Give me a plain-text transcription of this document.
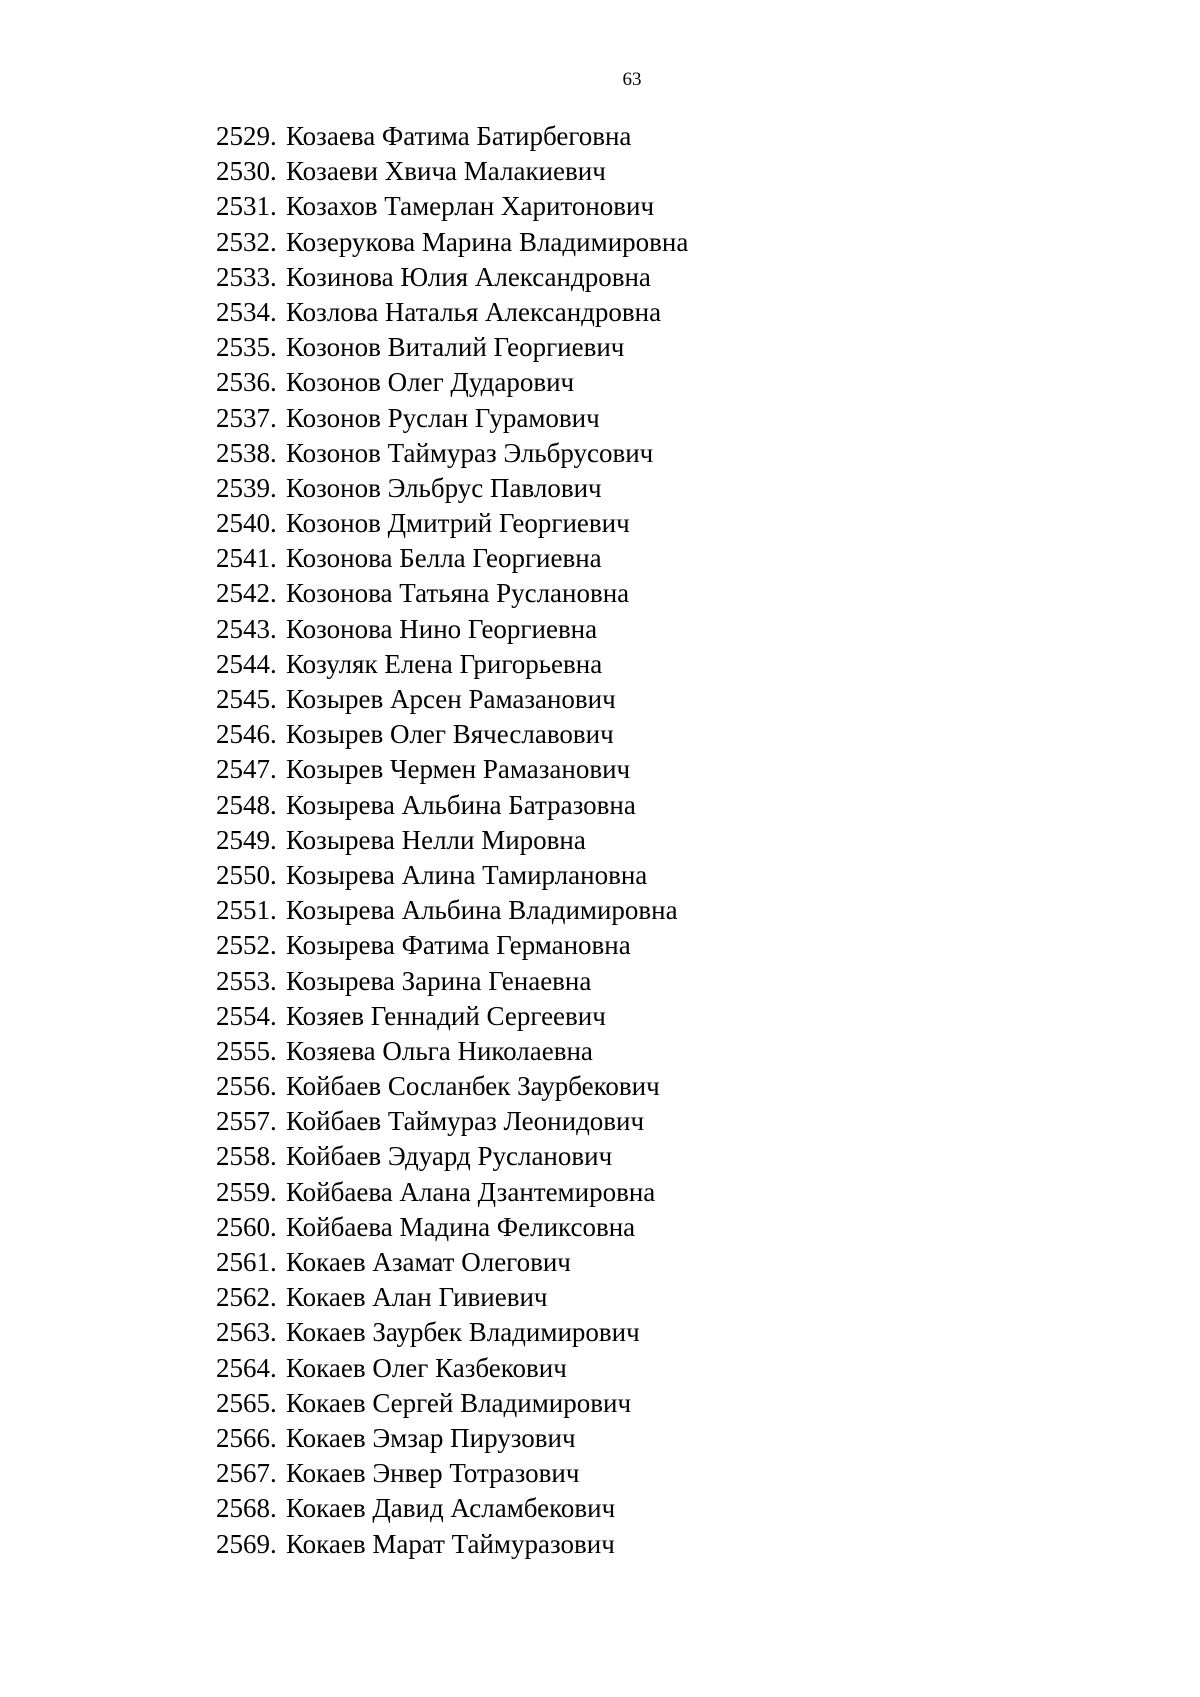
63
2529. Козаева Фатима Батирбеговна
2530. Козаеви Хвича Малакиевич
2531. Козахов Тамерлан Харитонович
2532. Козерукова Марина Владимировна
2533. Козинова Юлия Александровна
2534. Козлова Наталья Александровна
2535. Козонов Виталий Георгиевич
2536. Козонов Олег Дударович
2537. Козонов Руслан Гурамович
2538. Козонов Таймураз Эльбрусович
2539. Козонов Эльбрус Павлович
2540. Козонов Дмитрий Георгиевич
2541. Козонова Белла Георгиевна
2542. Козонова Татьяна Руслановна
2543. Козонова Нино Георгиевна
2544. Козуляк Елена Григорьевна
2545. Козырев Арсен Рамазанович
2546. Козырев Олег Вячеславович
2547. Козырев Чермен Рамазанович
2548. Козырева Альбина Батразовна
2549. Козырева Нелли Мировна
2550. Козырева Алина Тамирлановна
2551. Козырева Альбина Владимировна
2552. Козырева Фатима Германовна
2553. Козырева Зарина Генаевна
2554. Козяев Геннадий Сергеевич
2555. Козяева Ольга Николаевна
2556. Койбаев Сосланбек Заурбекович
2557. Койбаев Таймураз Леонидович
2558. Койбаев Эдуард Русланович
2559. Койбаева Алана Дзантемировна
2560. Койбаева Мадина Феликсовна
2561. Кокаев Азамат Олегович
2562. Кокаев Алан Гивиевич
2563. Кокаев Заурбек Владимирович
2564. Кокаев Олег Казбекович
2565. Кокаев Сергей Владимирович
2566. Кокаев Эмзар Пирузович
2567. Кокаев Энвер Тотразович
2568. Кокаев Давид Асламбекович
2569. Кокаев Марат Таймуразович
